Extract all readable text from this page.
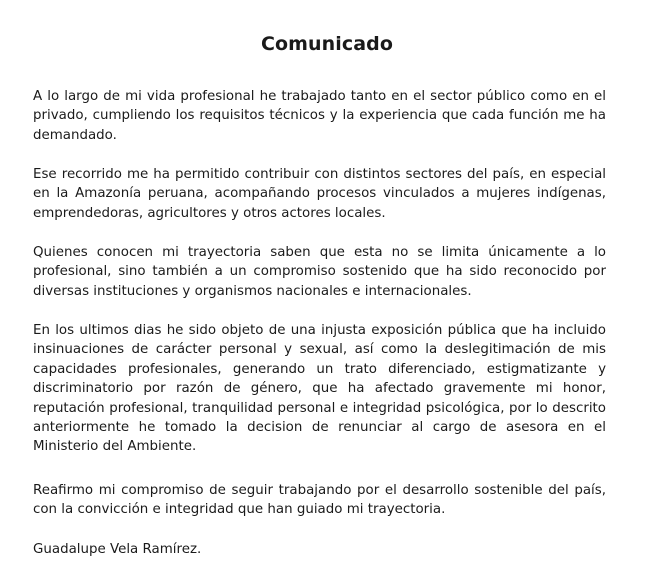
Comunicado

A lo largo de mi vida profesional he trabajado tanto en el sector público como en el privado, cumpliendo los requisitos técnicos y la experiencia que cada función me ha demandado.

Ese recorrido me ha permitido contribuir con distintos sectores del país, en especial en la Amazonía peruana, acompañando procesos vinculados a mujeres indígenas, emprendedoras, agricultores y otros actores locales.

Quienes conocen mi trayectoria saben que esta no se limita únicamente a lo profesional, sino también a un compromiso sostenido que ha sido reconocido por diversas instituciones y organismos nacionales e internacionales.

En los ultimos dias he sido objeto de una injusta exposición pública que ha incluido insinuaciones de carácter personal y sexual, así como la deslegitimación de mis capacidades profesionales, generando un trato diferenciado, estigmatizante y discriminatorio por razón de género, que ha afectado gravemente mi honor, reputación profesional, tranquilidad personal e integridad psicológica, por lo descrito anteriormente he tomado la decision de renunciar al cargo de asesora en el Ministerio del Ambiente.

Reafirmo mi compromiso de seguir trabajando por el desarrollo sostenible del país, con la convicción e integridad que han guiado mi trayectoria.

Guadalupe Vela Ramírez.
